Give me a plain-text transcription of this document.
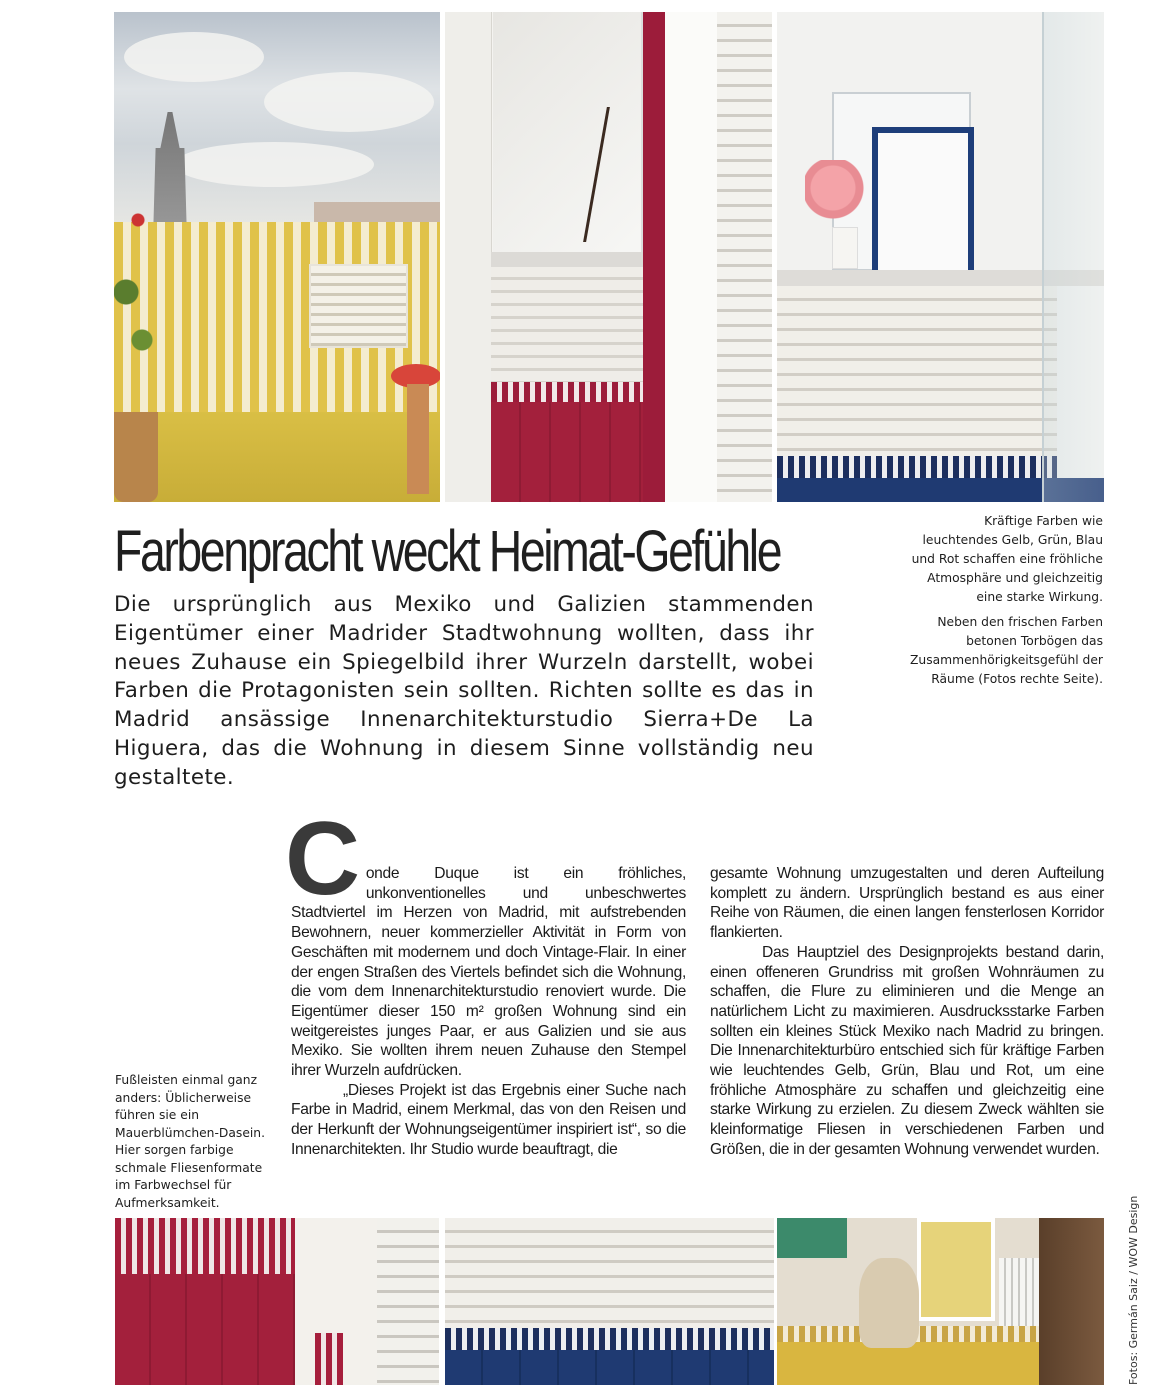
Farbenpracht weckt Heimat-Gefühle
Die ursprünglich aus Mexiko und Galizien stammenden Eigentümer einer Madrider Stadtwohnung wollten, dass ihr neues Zuhause ein Spiegelbild ihrer Wurzeln darstellt, wobei Farben die Protagonisten sein sollten. Richten sollte es das in Madrid ansässige Innenarchitekturstudio Sierra+De La Higuera, das die Wohnung in diesem Sinne vollständig neu gestaltete.

Kräftige Farben wie leuchtendes Gelb, Grün, Blau und Rot schaffen eine fröhliche Atmosphäre und gleichzeitig eine starke Wirkung.

Neben den frischen Farben betonen Torbögen das Zusammenhörigkeitsgefühl der Räume (Fotos rechte Seite).

Fußleisten einmal ganz anders: Üblicherweise führen sie ein Mauerblümchen-Dasein. Hier sorgen farbige schmale Fliesenformate im Farbwechsel für Aufmerksamkeit.

Conde Duque ist ein fröhliches, unkonventionelles und unbeschwertes Stadtviertel im Herzen von Madrid, mit aufstrebenden Bewohnern, neuer kommerzieller Aktivität in Form von Geschäften mit modernem und doch Vintage-Flair. In einer der engen Straßen des Viertels befindet sich die Wohnung, die vom dem Innenarchitekturstudio renoviert wurde. Die Eigentümer dieser 150 m² großen Wohnung sind ein weitgereistes junges Paar, er aus Galizien und sie aus Mexiko. Sie wollten ihrem neuen Zuhause den Stempel ihrer Wurzeln aufdrücken.

„Dieses Projekt ist das Ergebnis einer Suche nach Farbe in Madrid, einem Merkmal, das von den Reisen und der Herkunft der Wohnungseigentümer inspiriert ist“, so die Innenarchitekten. Ihr Studio wurde beauftragt, die

gesamte Wohnung umzugestalten und deren Aufteilung komplett zu ändern. Ursprünglich bestand es aus einer Reihe von Räumen, die einen langen fensterlosen Korridor flankierten.

Das Hauptziel des Designprojekts bestand darin, einen offeneren Grundriss mit großen Wohnräumen zu schaffen, die Flure zu eliminieren und die Menge an natürlichem Licht zu maximieren. Ausdrucksstarke Farben sollten ein kleines Stück Mexiko nach Madrid zu bringen. Die Innenarchitekturbüro entschied sich für kräftige Farben wie leuchtendes Gelb, Grün, Blau und Rot, um eine fröhliche Atmosphäre zu schaffen und gleichzeitig eine starke Wirkung zu erzielen. Zu diesem Zweck wählten sie kleinformatige Fliesen in verschiedenen Farben und Größen, die in der gesamten Wohnung verwendet wurden.

Fotos: Germán Saiz / WOW Design
